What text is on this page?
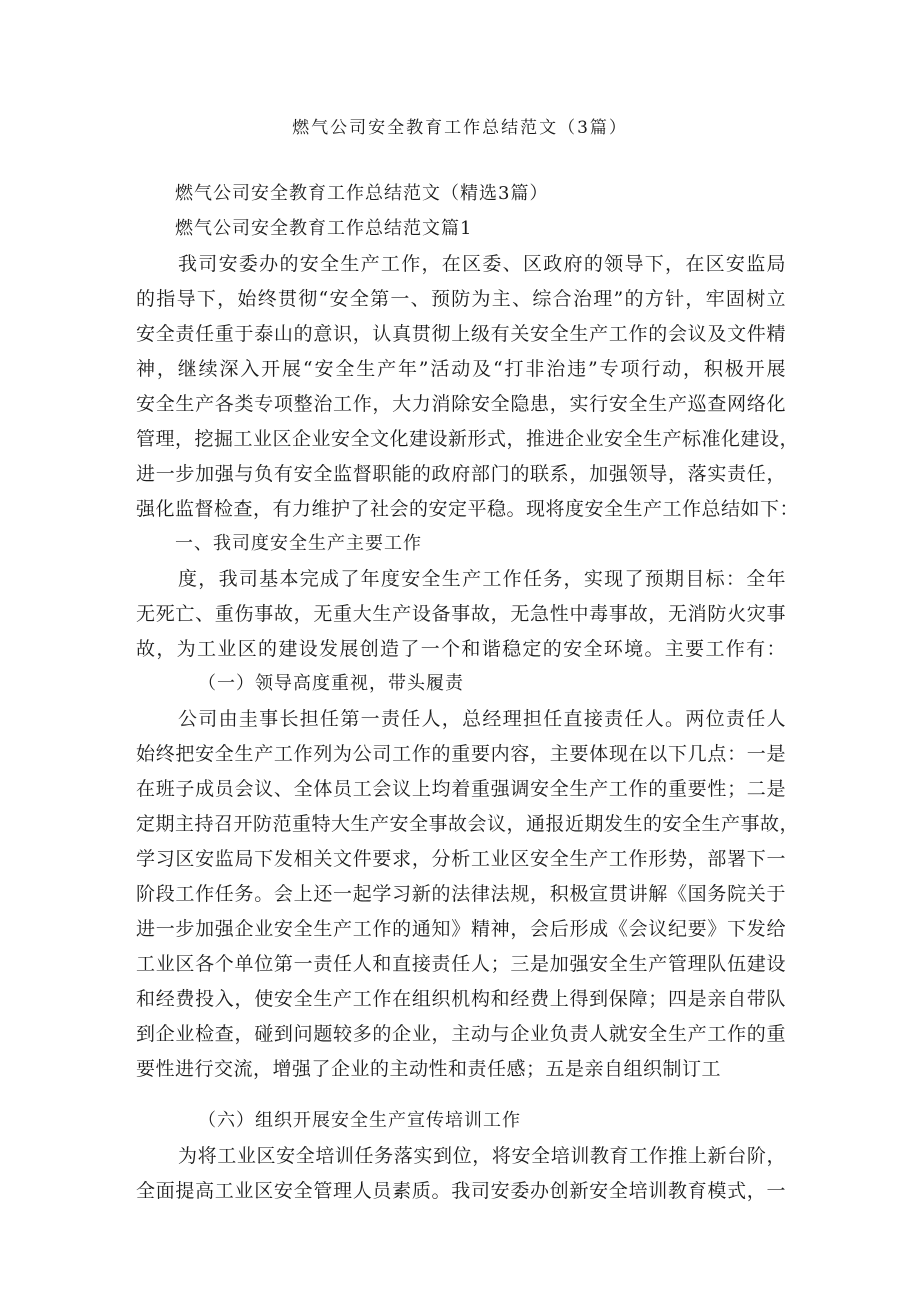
燃气公司安全教育工作总结范文（3篇）
燃气公司安全教育工作总结范文（精选3篇）
燃气公司安全教育工作总结范文篇1
我司安委办的安全生产工作，在区委、区政府的领导下，在区安监局
的指导下，始终贯彻“安全第一、预防为主、综合治理”的方针，牢固树立
安全责任重于泰山的意识，认真贯彻上级有关安全生产工作的会议及文件精
神，继续深入开展“安全生产年”活动及“打非治违”专项行动，积极开展
安全生产各类专项整治工作，大力消除安全隐患，实行安全生产巡查网络化
管理，挖掘工业区企业安全文化建设新形式，推进企业安全生产标准化建设，
进一步加强与负有安全监督职能的政府部门的联系，加强领导，落实责任，
强化监督检查，有力维护了社会的安定平稳。现将度安全生产工作总结如下：
一、我司度安全生产主要工作
度，我司基本完成了年度安全生产工作任务，实现了预期目标：全年
无死亡、重伤事故，无重大生产设备事故，无急性中毒事故，无消防火灾事
故，为工业区的建设发展创造了一个和谐稳定的安全环境。主要工作有：
（一）领导高度重视，带头履责
公司由圭事长担任第一责任人，总经理担任直接责任人。两位责任人
始终把安全生产工作列为公司工作的重要内容，主要体现在以下几点：一是
在班子成员会议、全体员工会议上均着重强调安全生产工作的重要性；二是
定期主持召开防范重特大生产安全事故会议，通报近期发生的安全生产事故，
学习区安监局下发相关文件要求，分析工业区安全生产工作形势，部署下一
阶段工作任务。会上还一起学习新的法律法规，积极宣贯讲解《国务院关于
进一步加强企业安全生产工作的通知》精神，会后形成《会议纪要》下发给
工业区各个单位第一责任人和直接责任人；三是加强安全生产管理队伍建设
和经费投入，使安全生产工作在组织机构和经费上得到保障；四是亲自带队
到企业检查，碰到问题较多的企业，主动与企业负责人就安全生产工作的重
要性进行交流，增强了企业的主动性和责任感；五是亲自组织制订工
（六）组织开展安全生产宣传培训工作
为将工业区安全培训任务落实到位，将安全培训教育工作推上新台阶，
全面提高工业区安全管理人员素质。我司安委办创新安全培训教育模式，一
